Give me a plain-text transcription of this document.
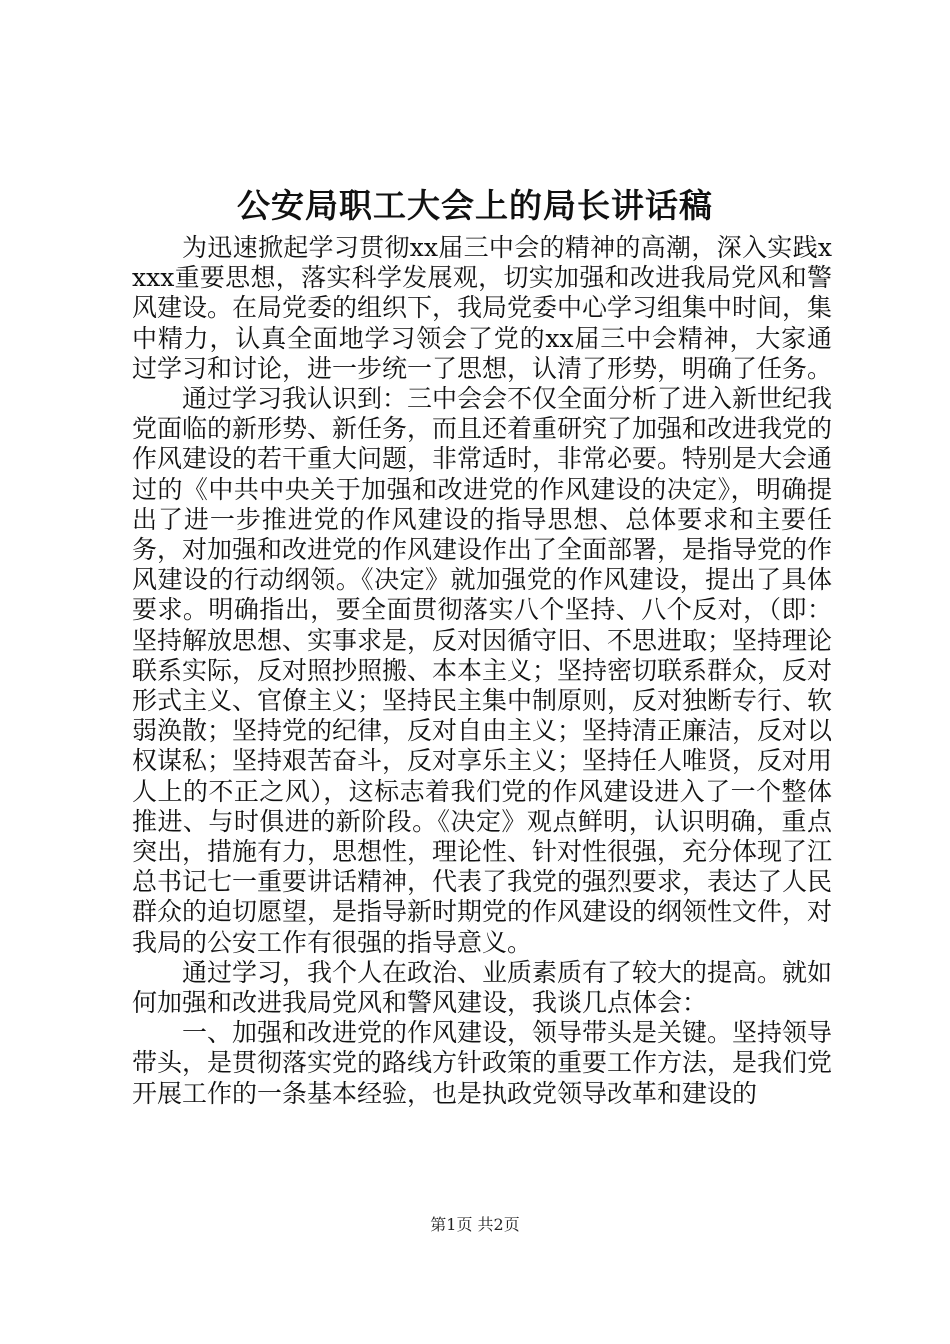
公安局职工大会上的局长讲话稿

为迅速掀起学习贯彻xx届三中会的精神的高潮，深入实践xxxx重要思想，落实科学发展观，切实加强和改进我局党风和警风建设。在局党委的组织下，我局党委中心学习组集中时间，集中精力，认真全面地学习领会了党的xx届三中会精神，大家通过学习和讨论，进一步统一了思想，认清了形势，明确了任务。

通过学习我认识到：三中会会不仅全面分析了进入新世纪我党面临的新形势、新任务，而且还着重研究了加强和改进我党的作风建设的若干重大问题，非常适时，非常必要。特别是大会通过的《中共中央关于加强和改进党的作风建设的决定》，明确提出了进一步推进党的作风建设的指导思想、总体要求和主要任务，对加强和改进党的作风建设作出了全面部署，是指导党的作风建设的行动纲领。《决定》就加强党的作风建设，提出了具体要求。明确指出，要全面贯彻落实八个坚持、八个反对，（即：坚持解放思想、实事求是，反对因循守旧、不思进取；坚持理论联系实际，反对照抄照搬、本本主义；坚持密切联系群众，反对形式主义、官僚主义；坚持民主集中制原则，反对独断专行、软弱涣散；坚持党的纪律，反对自由主义；坚持清正廉洁，反对以权谋私；坚持艰苦奋斗，反对享乐主义；坚持任人唯贤，反对用人上的不正之风），这标志着我们党的作风建设进入了一个整体推进、与时俱进的新阶段。《决定》观点鲜明，认识明确，重点突出，措施有力，思想性，理论性、针对性很强，充分体现了江总书记七一重要讲话精神，代表了我党的强烈要求，表达了人民群众的迫切愿望，是指导新时期党的作风建设的纲领性文件，对我局的公安工作有很强的指导意义。

通过学习，我个人在政治、业质素质有了较大的提高。就如何加强和改进我局党风和警风建设，我谈几点体会：

一、加强和改进党的作风建设，领导带头是关键。坚持领导带头，是贯彻落实党的路线方针政策的重要工作方法，是我们党开展工作的一条基本经验，也是执政党领导改革和建设的

第1页 共2页
